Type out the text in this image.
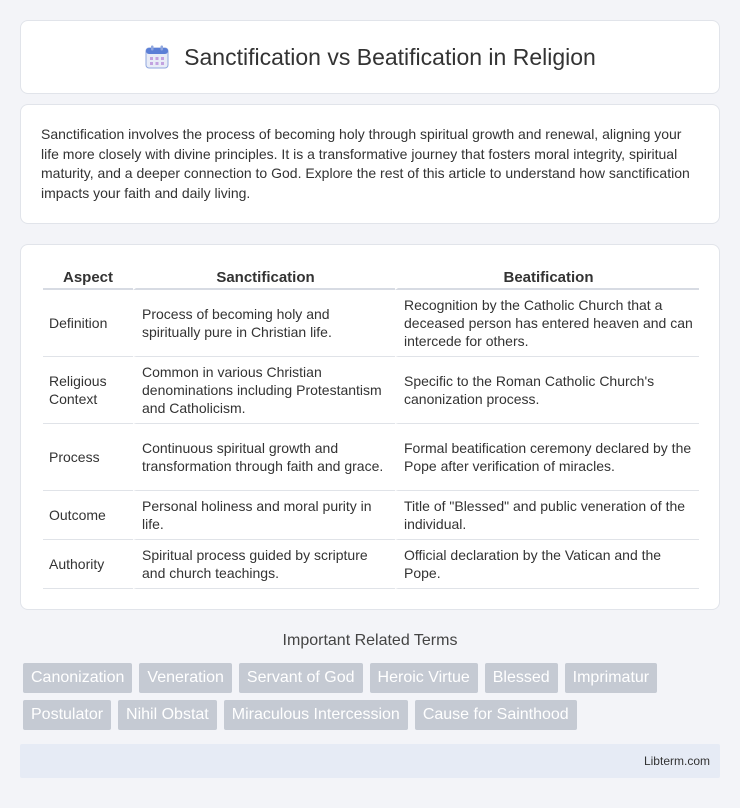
Sanctification vs Beatification in Religion

Sanctification involves the process of becoming holy through spiritual growth and renewal, aligning your life more closely with divine principles. It is a transformative journey that fosters moral integrity, spiritual maturity, and a deeper connection to God. Explore the rest of this article to understand how sanctification impacts your faith and daily living.

Aspect	Sanctification	Beatification
Definition	Process of becoming holy and spiritually pure in Christian life.	Recognition by the Catholic Church that a deceased person has entered heaven and can intercede for others.
Religious Context	Common in various Christian denominations including Protestantism and Catholicism.	Specific to the Roman Catholic Church's canonization process.
Process	Continuous spiritual growth and transformation through faith and grace.	Formal beatification ceremony declared by the Pope after verification of miracles.
Outcome	Personal holiness and moral purity in life.	Title of "Blessed" and public veneration of the individual.
Authority	Spiritual process guided by scripture and church teachings.	Official declaration by the Vatican and the Pope.
Important Related Terms
Canonization	Veneration	Servant of God	Heroic Virtue	Blessed	Imprimatur
Postulator	Nihil Obstat	Miraculous Intercession	Cause for Sainthood
Libterm.com
